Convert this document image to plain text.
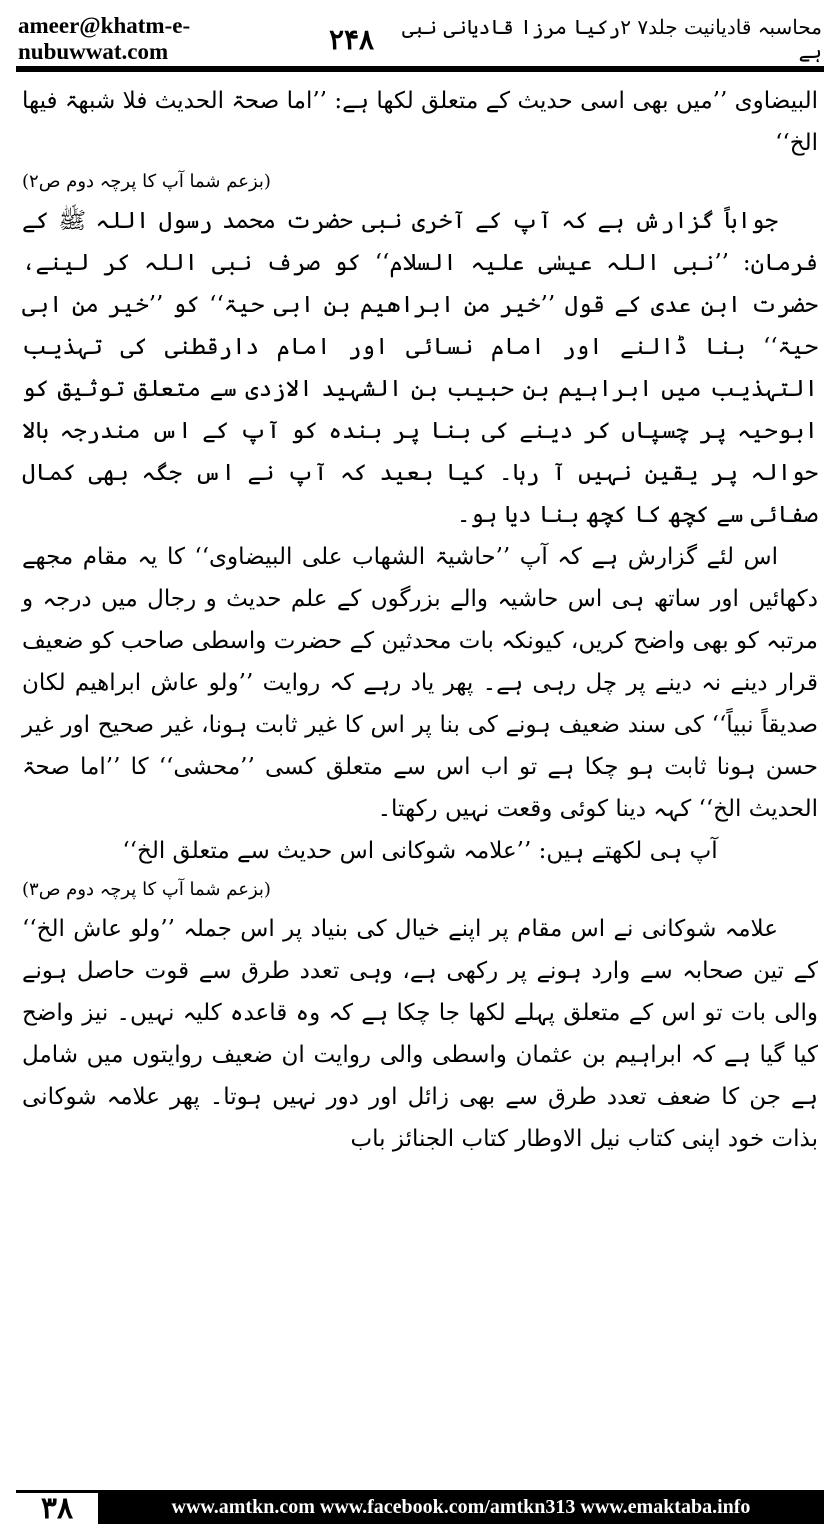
ameer@khatm-e-nubuwwat.com
محاسبہ قادیانیت جلد۷ ۲رکیا مرزا قادیانی نبی ہے
۲۴۸

البیضاوی ’’میں بھی اسی حدیث کے متعلق لکھا ہے: ’’اما صحۃ الحدیث فلا شبھۃ فیھا الخ‘‘

(بزعم شما آپ کا پرچہ دوم ص۲)

جواباً گزارش ہے کہ آپ کے آخری نبی حضرت محمد رسول اللہ ﷺ کے فرمان: ’’نبی اللہ عیسٰی علیہ السلام‘‘ کو صرف نبی اللہ کر لینے، حضرت ابن عدی کے قول ’’خیر من ابراھیم بن ابی حیۃ‘‘ کو ’’خیر من ابی حیۃ‘‘ بنا ڈالنے اور امام نسائی اور امام دارقطنی کی تہذیب التہذیب میں ابراہیم بن حبیب بن الشہید الازدی سے متعلق توثیق کو ابوحیہ پر چسپاں کر دینے کی بنا پر بندہ کو آپ کے اس مندرجہ بالا حوالہ پر یقین نہیں آ رہا۔ کیا بعید کہ آپ نے اس جگہ بھی کمال صفائی سے کچھ کا کچھ بنا دیا ہو۔

اس لئے گزارش ہے کہ آپ ’’حاشیۃ الشھاب علی البیضاوی‘‘ کا یہ مقام مجھے دکھائیں اور ساتھ ہی اس حاشیہ والے بزرگوں کے علم حدیث و رجال میں درجہ و مرتبہ کو بھی واضح کریں، کیونکہ بات محدثین کے حضرت واسطی صاحب کو ضعیف قرار دینے نہ دینے پر چل رہی ہے۔ پھر یاد رہے کہ روایت ’’ولو عاش ابراھیم لکان صدیقاً نبیاً‘‘ کی سند ضعیف ہونے کی بنا پر اس کا غیر ثابت ہونا، غیر صحیح اور غیر حسن ہونا ثابت ہو چکا ہے تو اب اس سے متعلق کسی ’’محشی‘‘ کا ’’اما صحۃ الحدیث الخ‘‘ کہہ دینا کوئی وقعت نہیں رکھتا۔

آپ ہی لکھتے ہیں: ’’علامہ شوکانی اس حدیث سے متعلق الخ‘‘

(بزعم شما آپ کا پرچہ دوم ص۳)

علامہ شوکانی نے اس مقام پر اپنے خیال کی بنیاد پر اس جملہ ’’ولو عاش الخ‘‘ کے تین صحابہ سے وارد ہونے پر رکھی ہے، وہی تعدد طرق سے قوت حاصل ہونے والی بات تو اس کے متعلق پہلے لکھا جا چکا ہے کہ وہ قاعدہ کلیہ نہیں۔ نیز واضح کیا گیا ہے کہ ابراہیم بن عثمان واسطی والی روایت ان ضعیف روایتوں میں شامل ہے جن کا ضعف تعدد طرق سے بھی زائل اور دور نہیں ہوتا۔ پھر علامہ شوکانی بذات خود اپنی کتاب نیل الاوطار کتاب الجنائز باب

۳۸	www.amtkn.com www.facebook.com/amtkn313 www.emaktaba.info
